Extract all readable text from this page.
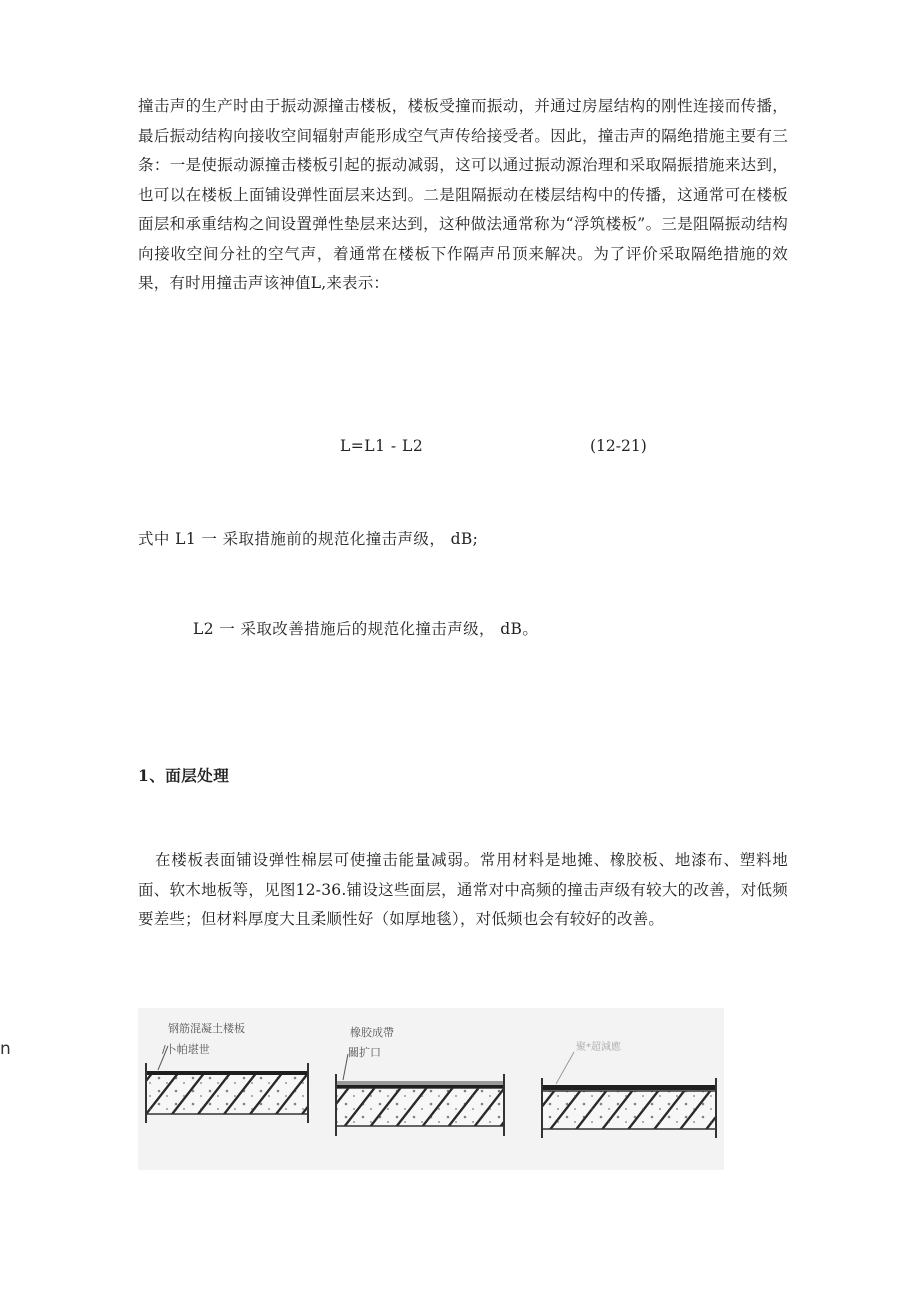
撞击声的生产时由于振动源撞击楼板，楼板受撞而振动，并通过房屋结构的刚性连接而传播，最后振动结构向接收空间辐射声能形成空气声传给接受者。因此，撞击声的隔绝措施主要有三条：一是使振动源撞击楼板引起的振动减弱，这可以通过振动源治理和采取隔振措施来达到，也可以在楼板上面铺设弹性面层来达到。二是阻隔振动在楼层结构中的传播，这通常可在楼板面层和承重结构之间设置弹性垫层来达到，这种做法通常称为“浮筑楼板”。三是阻隔振动结构向接收空间分社的空气声，着通常在楼板下作隔声吊顶来解决。为了评价采取隔绝措施的效果，有时用撞击声该神值L,来表示：

L=L1 - L2	(12-21)

式中 L1 一 采取措施前的规范化撞击声级， dB;

L2 一 采取改善措施后的规范化撞击声级， dB。

1、面层处理

在楼板表面铺设弹性棉层可使撞击能量减弱。常用材料是地摊、橡胶板、地漆布、塑料地面、软木地板等，见图12-36.铺设这些面层，通常对中高频的撞击声级有较大的改善，对低频要差些；但材料厚度大且柔顺性好（如厚地毯），对低频也会有较好的改善。

n
钢筋混凝土楼板
/卜帕堪世
橡胶成帶
關扩口	聚*超減應
